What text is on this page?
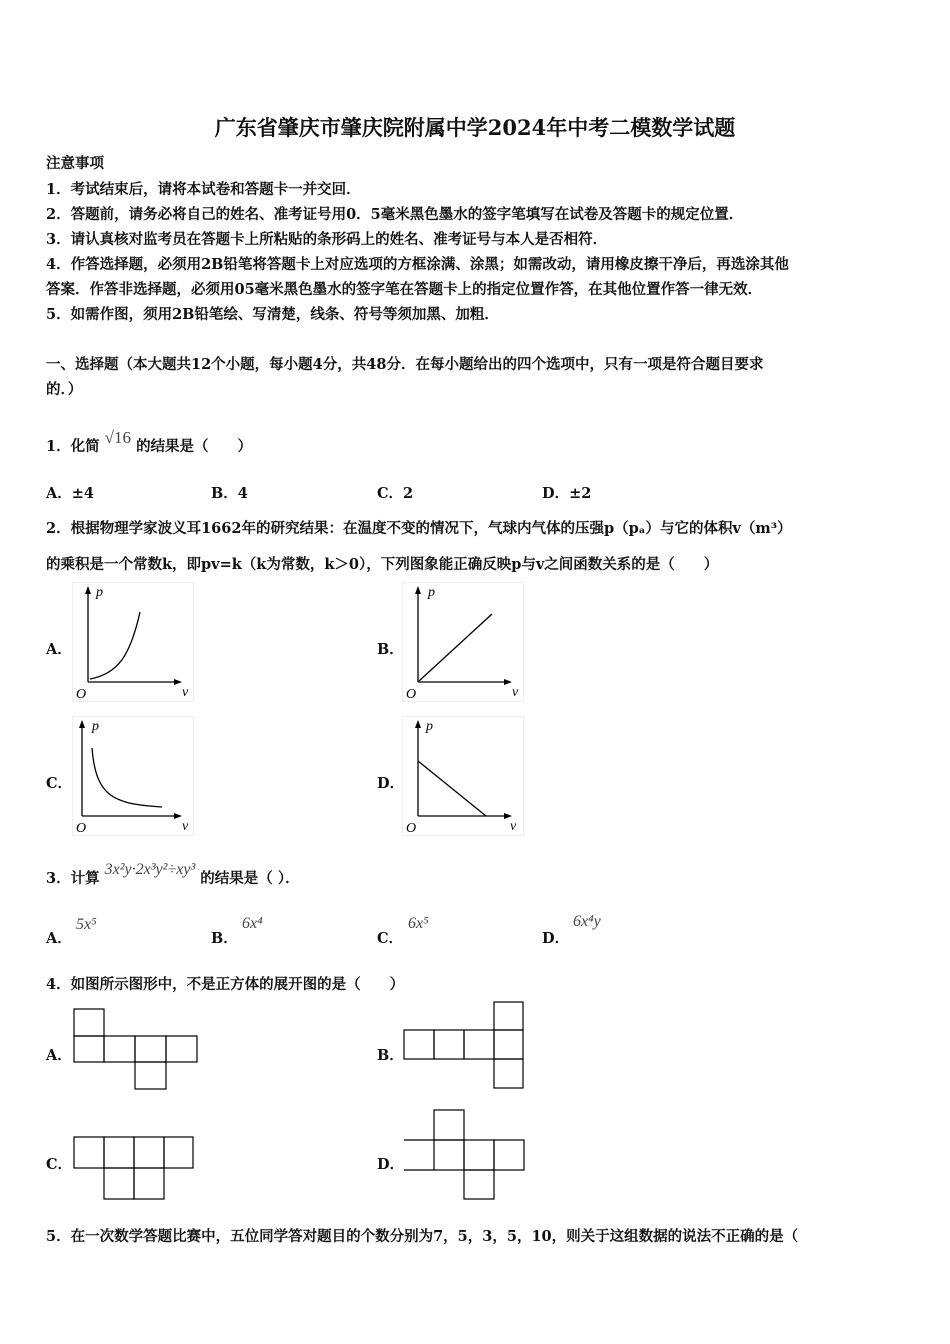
广东省肇庆市肇庆院附属中学2024年中考二模数学试题
注意事项
1．考试结束后，请将本试卷和答题卡一并交回．
2．答题前，请务必将自己的姓名、准考证号用0．5毫米黑色墨水的签字笔填写在试卷及答题卡的规定位置．
3．请认真核对监考员在答题卡上所粘贴的条形码上的姓名、准考证号与本人是否相符．
4．作答选择题，必须用2B铅笔将答题卡上对应选项的方框涂满、涂黑；如需改动，请用橡皮擦干净后，再选涂其他
答案．作答非选择题，必须用05毫米黑色墨水的签字笔在答题卡上的指定位置作答，在其他位置作答一律无效．
5．如需作图，须用2B铅笔绘、写清楚，线条、符号等须加黑、加粗．
一、选择题（本大题共12个小题，每小题4分，共48分．在每小题给出的四个选项中，只有一项是符合题目要求
的．）
1．化简 √16 的结果是（　　）
A．±4	B．4	C．2	D．±2
2．根据物理学家波义耳1662年的研究结果：在温度不变的情况下，气球内气体的压强p（pₐ）与它的体积v（m³）
的乘积是一个常数k，即pv=k（k为常数，k＞0），下列图象能正确反映p与v之间函数关系的是（　　）
A．	B．
C．	D．
p
O	v
p
O	v
p
O	v
p
O	v
3．计算 3x²y·2x³y²÷xy³ 的结果是（ ）．
A．
5x⁵
B．
6x⁴
C．
6x⁵
D．
6x⁴y
4．如图所示图形中，不是正方体的展开图的是（　　）
A．	B．
C．	D．
5．在一次数学答题比赛中，五位同学答对题目的个数分别为7，5，3，5，10，则关于这组数据的说法不正确的是（
